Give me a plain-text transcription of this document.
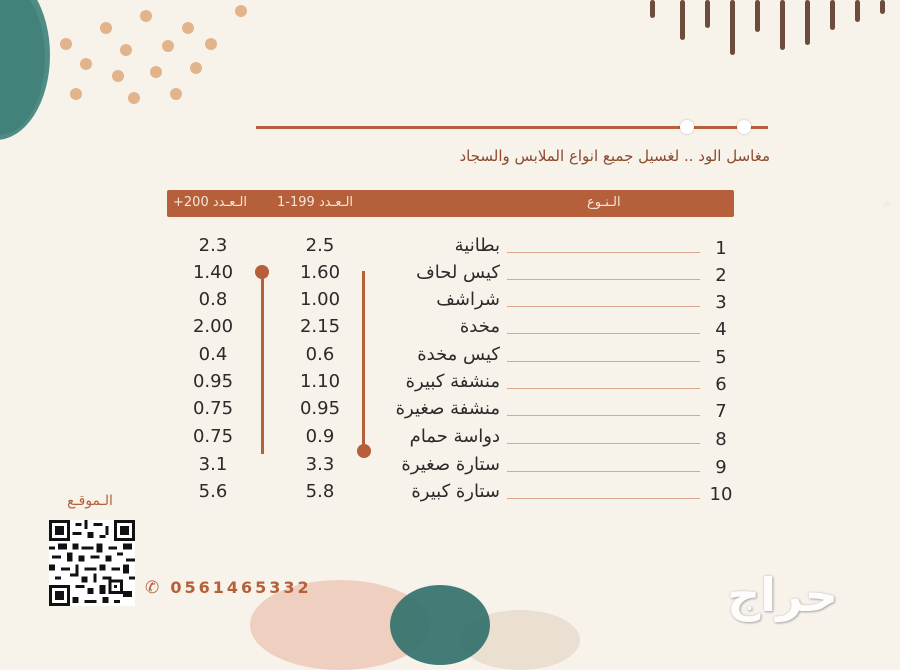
مغاسل الود .. لغسيل جميع انواع الملابس والسجاد
م
الـنـوع
الـعـدد 199-1
الـعـدد 200+
1
بطانية
2.5
2.3
2
كيس لحاف
1.60
1.40
3
شراشف
1.00
0.8
4
مخدة
2.15
2.00
5
كيس مخدة
0.6
0.4
6
منشفة كبيرة
1.10
0.95
7
منشفة صغيرة
0.95
0.75
8
دواسة حمام
0.9
0.75
9
ستارة صغيرة
3.3
3.1
10
ستارة كبيرة
5.8
5.6
الـموقـع
✆ 0561465332	حراج
